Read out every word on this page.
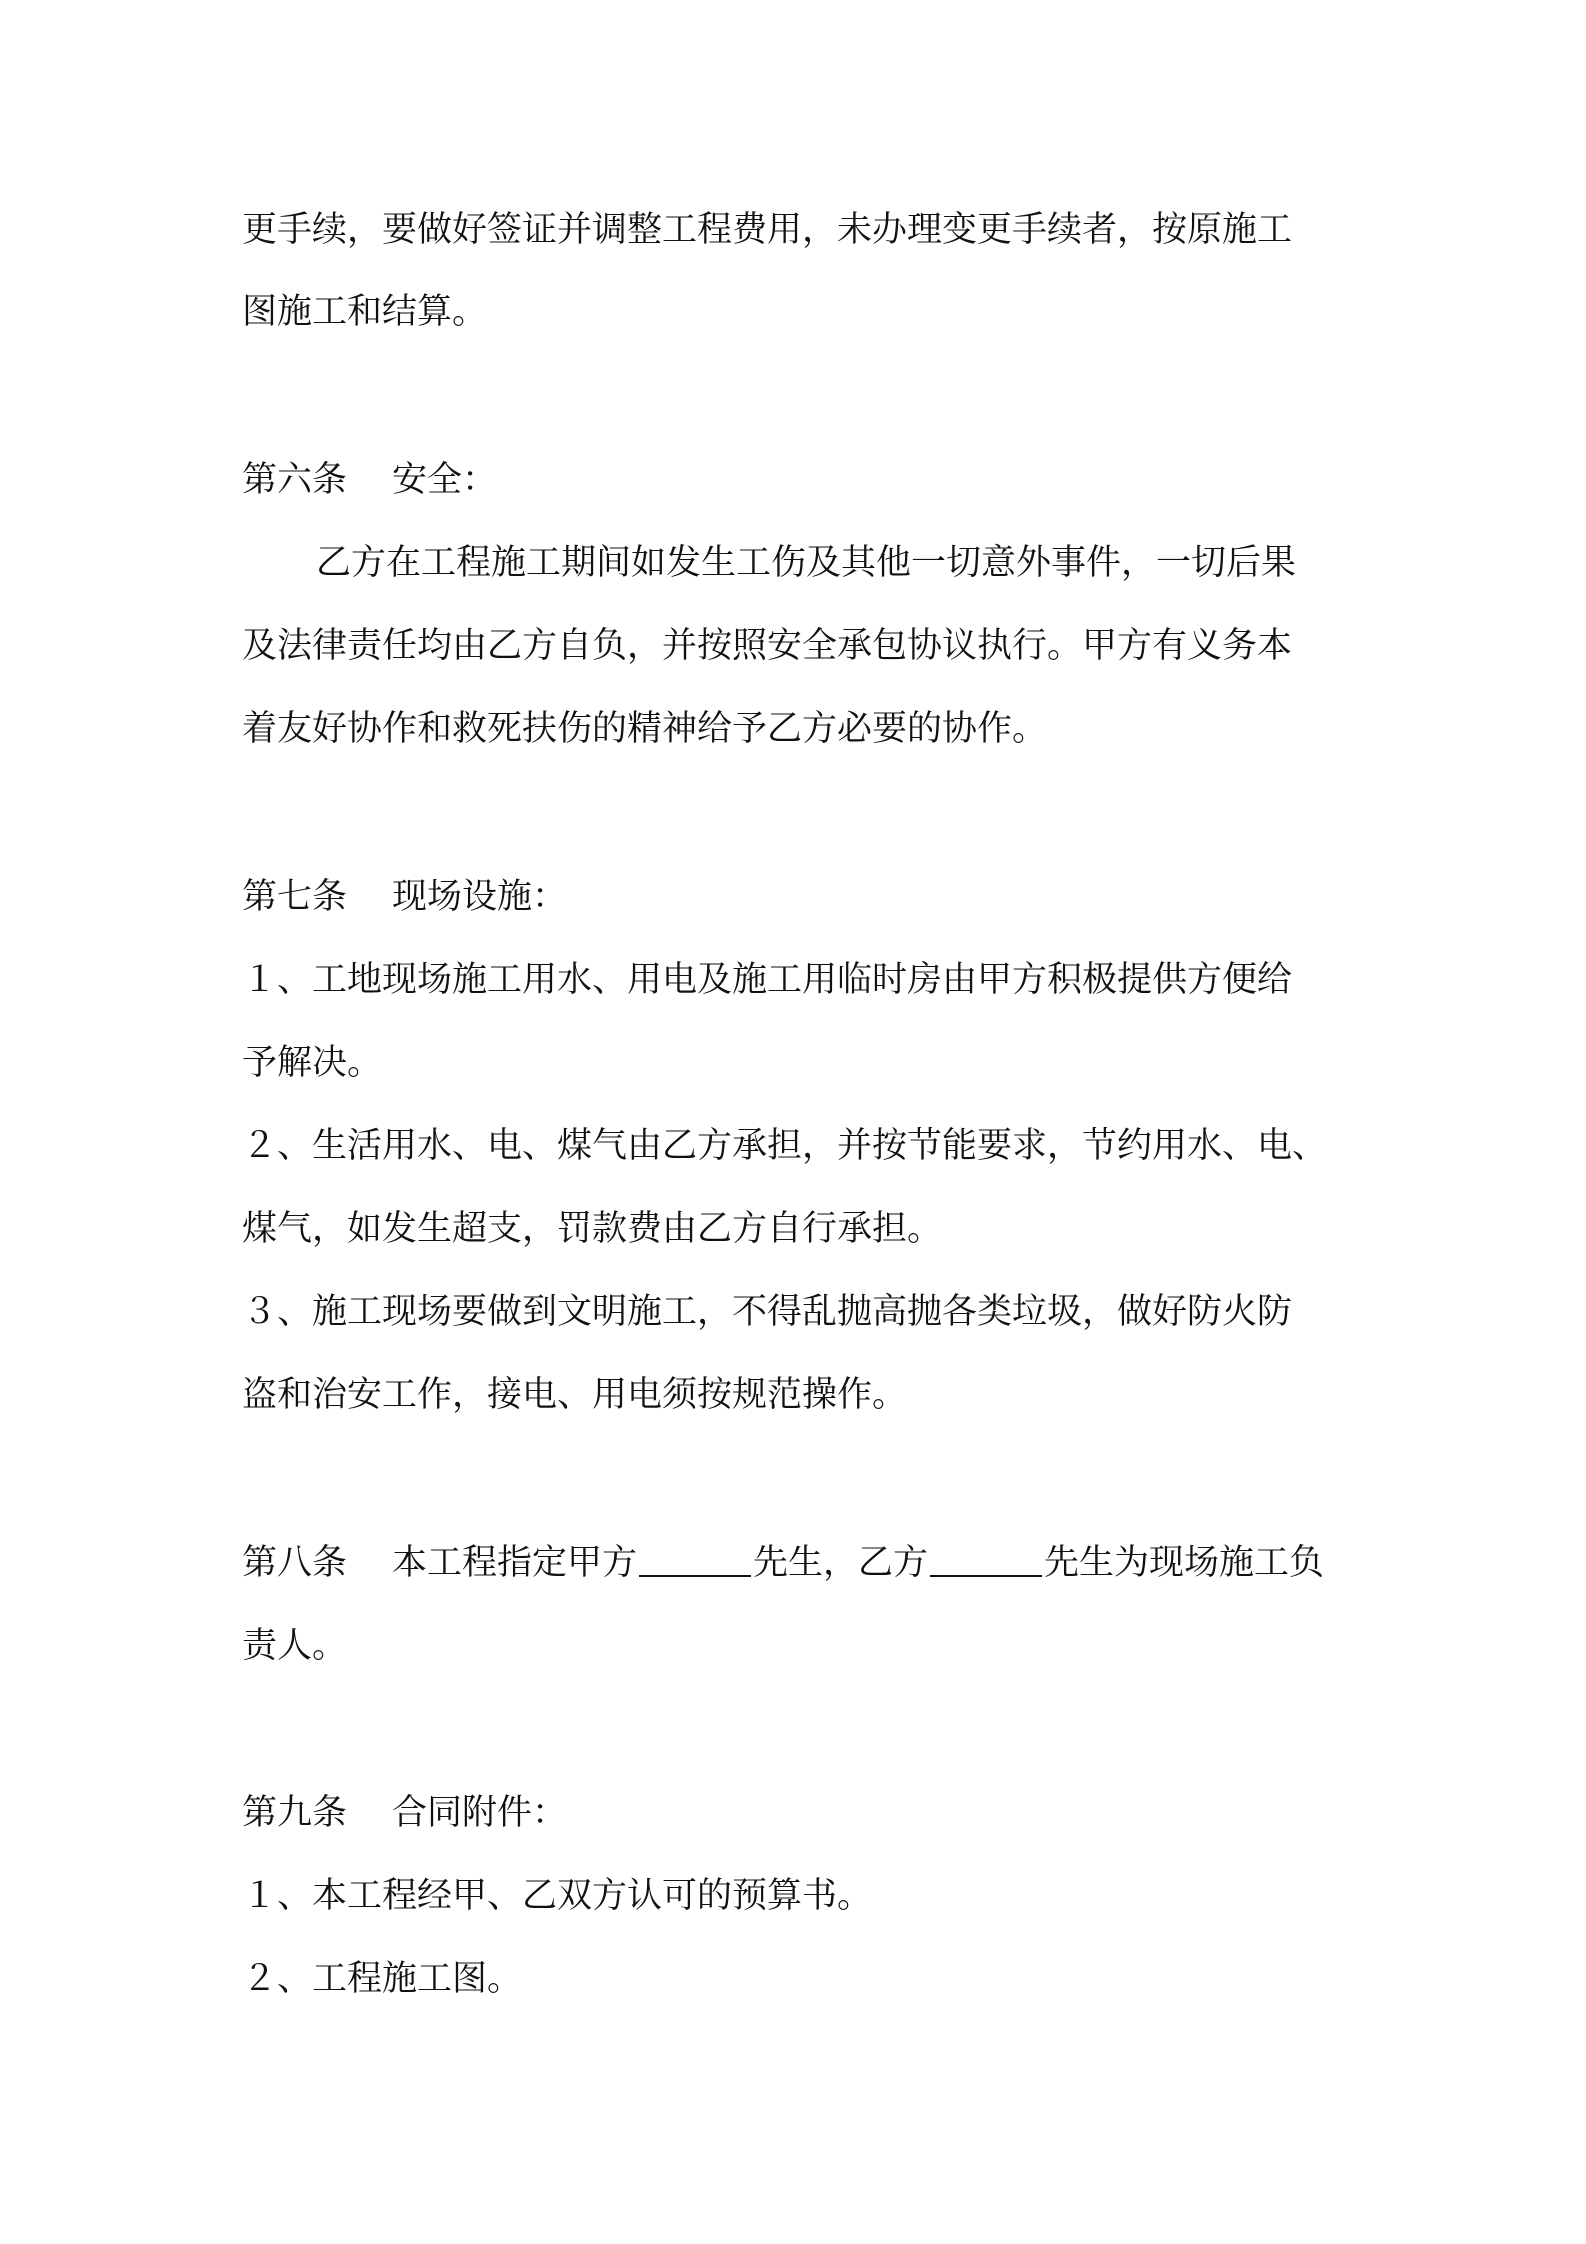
更手续，要做好签证并调整工程费用，未办理变更手续者，按原施工
图施工和结算。
第六条 安全：
乙方在工程施工期间如发生工伤及其他一切意外事件，一切后果
及法律责任均由乙方自负，并按照安全承包协议执行。甲方有义务本
着友好协作和救死扶伤的精神给予乙方必要的协作。
第七条 现场设施：
１、工地现场施工用水、用电及施工用临时房由甲方积极提供方便给
予解决。
２、生活用水、电、煤气由乙方承担，并按节能要求，节约用水、电、
煤气，如发生超支，罚款费由乙方自行承担。
３、施工现场要做到文明施工，不得乱抛高抛各类垃圾，做好防火防
盗和治安工作，接电、用电须按规范操作。
第八条 本工程指定甲方	先生，乙方	先生为现场施工负
责人。
第九条 合同附件：
１、本工程经甲、乙双方认可的预算书。
２、工程施工图。
